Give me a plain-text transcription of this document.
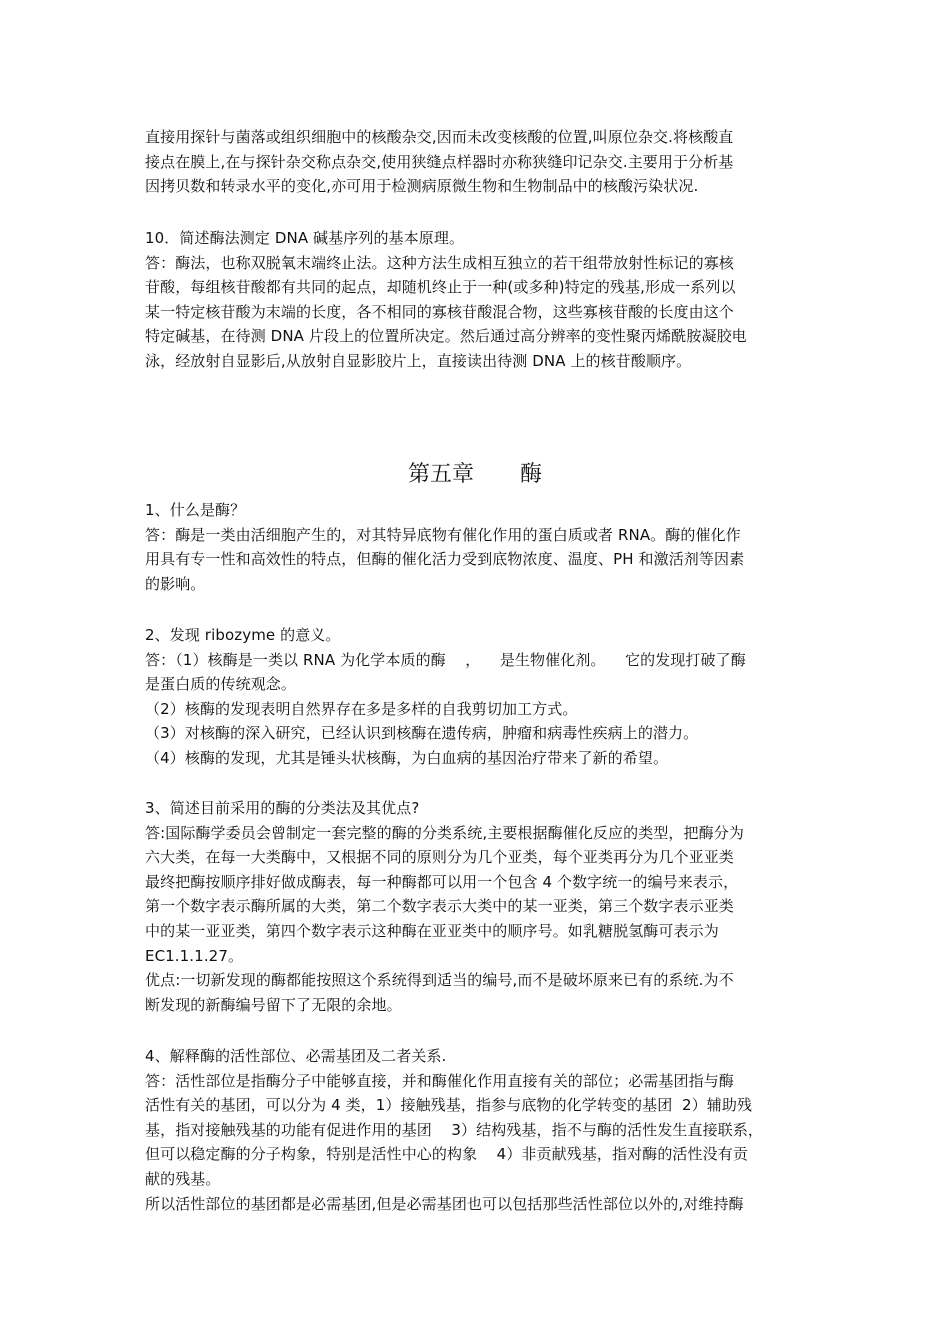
直接用探针与菌落或组织细胞中的核酸杂交,因而未改变核酸的位置,叫原位杂交.将核酸直

接点在膜上,在与探针杂交称点杂交,使用狭缝点样器时亦称狭缝印记杂交.主要用于分析基

因拷贝数和转录水平的变化,亦可用于检测病原微生物和生物制品中的核酸污染状况.

10．简述酶法测定 DNA 碱基序列的基本原理。

答：酶法，也称双脱氧末端终止法。这种方法生成相互独立的若干组带放射性标记的寡核

苷酸，每组核苷酸都有共同的起点，却随机终止于一种(或多种)特定的残基,形成一系列以

某一特定核苷酸为末端的长度，各不相同的寡核苷酸混合物，这些寡核苷酸的长度由这个

特定碱基，在待测 DNA 片段上的位置所决定。然后通过高分辨率的变性聚丙烯酰胺凝胶电

泳，经放射自显影后,从放射自显影胶片上，直接读出待测 DNA 上的核苷酸顺序。

第五章 酶

1、什么是酶？

答：酶是一类由活细胞产生的，对其特异底物有催化作用的蛋白质或者 RNA。酶的催化作

用具有专一性和高效性的特点，但酶的催化活力受到底物浓度、温度、PH 和激活剂等因素

的影响。

2、发现 ribozyme 的意义。

答：（1）核酶是一类以 RNA 为化学本质的酶    ，    是生物催化剂。    它的发现打破了酶

是蛋白质的传统观念。

（2）核酶的发现表明自然界存在多是多样的自我剪切加工方式。

（3）对核酶的深入研究，已经认识到核酶在遗传病，肿瘤和病毒性疾病上的潜力。

（4）核酶的发现，尤其是锤头状核酶，为白血病的基因治疗带来了新的希望。

3、简述目前采用的酶的分类法及其优点?

答:国际酶学委员会曾制定一套完整的酶的分类系统,主要根据酶催化反应的类型，把酶分为

六大类，在每一大类酶中，又根据不同的原则分为几个亚类，每个亚类再分为几个亚亚类

最终把酶按顺序排好做成酶表，每一种酶都可以用一个包含 4 个数字统一的编号来表示，

第一个数字表示酶所属的大类，第二个数字表示大类中的某一亚类，第三个数字表示亚类

中的某一亚亚类，第四个数字表示这种酶在亚亚类中的顺序号。如乳糖脱氢酶可表示为

EC1.1.1.27。

优点:一切新发现的酶都能按照这个系统得到适当的编号,而不是破坏原来已有的系统.为不

断发现的新酶编号留下了无限的余地。

4、解释酶的活性部位、必需基团及二者关系.

答：活性部位是指酶分子中能够直接，并和酶催化作用直接有关的部位；必需基团指与酶

活性有关的基团，可以分为 4 类，1）接触残基，指参与底物的化学转变的基团  2）辅助残

基，指对接触残基的功能有促进作用的基团    3）结构残基，指不与酶的活性发生直接联系，

但可以稳定酶的分子构象，特别是活性中心的构象    4）非贡献残基，指对酶的活性没有贡

献的残基。

所以活性部位的基团都是必需基团,但是必需基团也可以包括那些活性部位以外的,对维持酶
